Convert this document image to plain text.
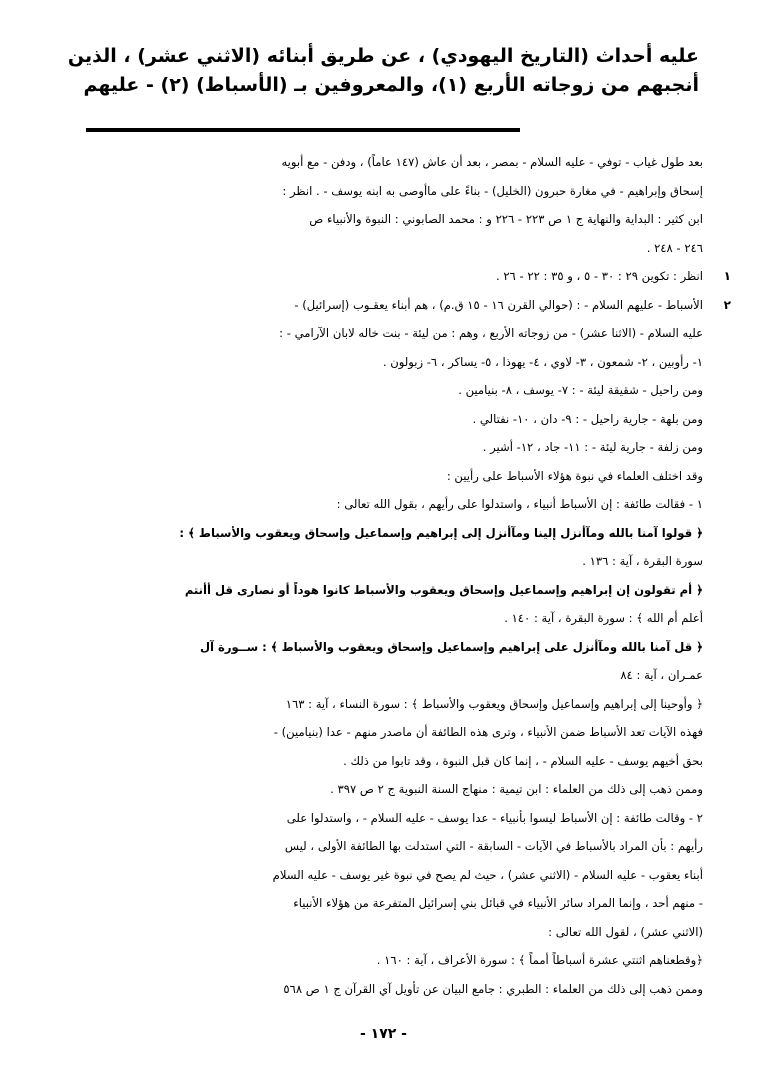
عليه أحداث (التاريخ اليهودي) ، عن طريق أبنائه (الاثني عشر) ، الذين
أنجبهم من زوجاته الأربع (١)، والمعروفين بـ (الأسباط) (٢) - عليهم
بعد طول غياب - توفي - عليه السلام - بمصر ، بعد أن عاش (١٤٧ عاماً) ، ودفن - مع أبويه
إسحاق وإبراهيم - في مغارة حبرون (الخليل) - بناءً على ماأوصى به ابنه يوسف - . انظر :
ابن كثير : البداية والنهاية ج ١ ص ٢٢٣ - ٢٢٦ و : محمد الصابوني : النبوة والأنبياء ص
٢٤٦ - ٢٤٨ .
١
انظر : تكوين ٢٩ : ٣٠ - ٥ ، و ٣٥ : ٢٢ - ٢٦ .
٢
الأسباط - عليهم السلام - : (حوالي القرن ١٦ - ١٥ ق.م) ، هم أبناء يعقـوب (إسرائيل) -
عليه السلام - (الاثنا عشر) - من زوجاته الأربع ، وهم : من ليئة - بنت خاله لابان الآرامي - :
١- رأوبين ، ٢- شمعون ، ٣- لاوي ، ٤- يهوذا ، ٥- يساكر ، ٦- زبولون .
ومن راحيل - شقيقة ليئة - : ٧- يوسف ، ٨- بنيامين .
ومن بلهة - جارية راحيل - : ٩- دان ، ١٠- نفتالي .
ومن زلفة - جارية ليئة - : ١١- جاد ، ١٢- أشير .
وقد اختلف العلماء في نبوة هؤلاء الأسباط على رأيين :
١ - فقالت طائفة : إن الأسباط أنبياء ، واستدلوا على رأيهم ، بقول الله تعالى :
﴿ قولوا آمنا بالله ومآأنزل إلينا ومآأنزل إلى إبراهيم وإسماعيل وإسحاق ويعقوب والأسباط ﴾ :
سورة البقرة ، آية : ١٣٦ .
﴿ أم تقولون إن إبراهيم وإسماعيل وإسحاق ويعقوب والأسباط كانوا هوداً أو نصارى قل أأنتم
أعلم أم الله ﴾ : سورة البقرة ، آية : ١٤٠ .
﴿ قل آمنا بالله ومآأنزل على إبراهيم وإسماعيل وإسحاق ويعقوب والأسباط ﴾ : ســورة آل
عمـران ، آية : ٨٤
﴿ وأوحينا إلى إبراهيم وإسماعيل وإسحاق ويعقوب والأسباط ﴾ : سورة النساء ، آية : ١٦٣
فهذه الآيات تعد الأسباط ضمن الأنبياء ، وترى هذه الطائفة أن ماصدر منهم - عدا (بنيامين) -
بحق أخيهم يوسف - عليه السلام - ، إنما كان قبل النبوة ، وقد تابوا من ذلك .
وممن ذهب إلى ذلك من العلماء : ابن تيمية : منهاج السنة النبوية ج ٢ ص ٣٩٧ .
٢ - وقالت طائفة : إن الأسباط ليسوا بأنبياء - عدا يوسف - عليه السلام - ، واستدلوا على
رأيهم : بأن المراد بالأسباط في الآيات - السابقة - التي استدلت بها الطائفة الأولى ، ليس
أبناء يعقوب - عليه السلام - (الاثني عشر) ، حيث لم يصح في نبوة غير يوسف - عليه السلام
- منهم أحد ، وإنما المراد سائر الأنبياء في قبائل بني إسرائيل المتفرعة من هؤلاء الأنبياء
(الاثني عشر) ، لقول الله تعالى :
﴿وقطعناهم اثنتي عشرة أسباطاً أمماً ﴾ : سورة الأعراف ، آية : ١٦٠ .
وممن ذهب إلى ذلك من العلماء : الطبري : جامع البيان عن تأويل آي القرآن ج ١ ص ٥٦٨
- ١٧٢ -
